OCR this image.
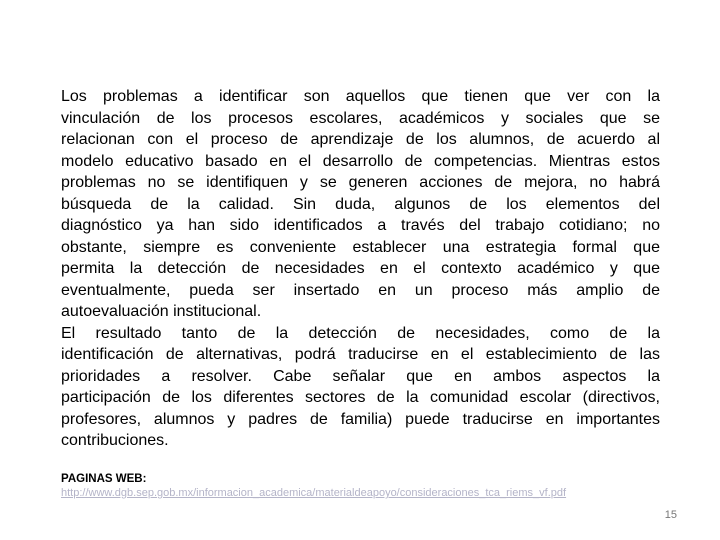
Los problemas a identificar son aquellos que tienen que ver con la
vinculación de los procesos escolares, académicos y sociales que se
relacionan con el proceso de aprendizaje de los alumnos, de acuerdo al
modelo educativo basado en el desarrollo de competencias. Mientras estos
problemas no se identifiquen y se generen acciones de mejora, no habrá
búsqueda de la calidad. Sin duda, algunos de los elementos del
diagnóstico ya han sido identificados a través del trabajo cotidiano; no
obstante, siempre es conveniente establecer una estrategia formal que
permita la detección de necesidades en el contexto académico y que
eventualmente, pueda ser insertado en un proceso más amplio de
autoevaluación institucional.
El resultado tanto de la detección de necesidades, como de la
identificación de alternativas, podrá traducirse en el establecimiento de las
prioridades a resolver. Cabe señalar que en ambos aspectos la
participación de los diferentes sectores de la comunidad escolar (directivos,
profesores, alumnos y padres de familia) puede traducirse en importantes
contribuciones.
PAGINAS WEB:
http://www.dgb.sep.gob.mx/informacion_academica/materialdeapoyo/consideraciones_tca_riems_vf.pdf
15
